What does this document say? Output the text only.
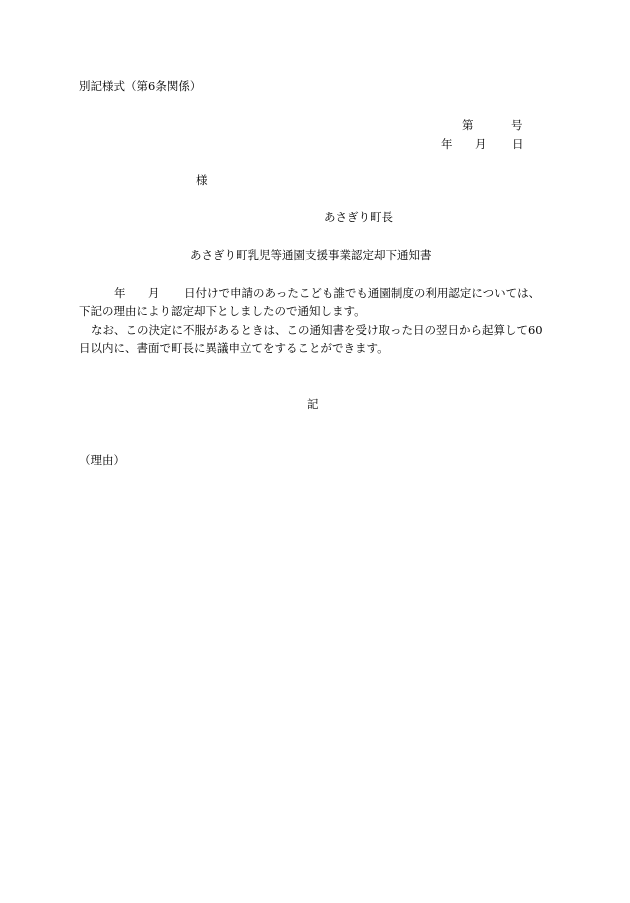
別記様式（第6条関係）
第	号
年 月 日
様
あさぎり町長
あさぎり町乳児等通園支援事業認定却下通知書
年 月 日付けで申請のあったこども誰でも通園制度の利用認定については、
下記の理由により認定却下としましたので通知します。
なお、この決定に不服があるときは、この通知書を受け取った日の翌日から起算して60
日以内に、書面で町長に異議申立てをすることができます。
記
（理由）
